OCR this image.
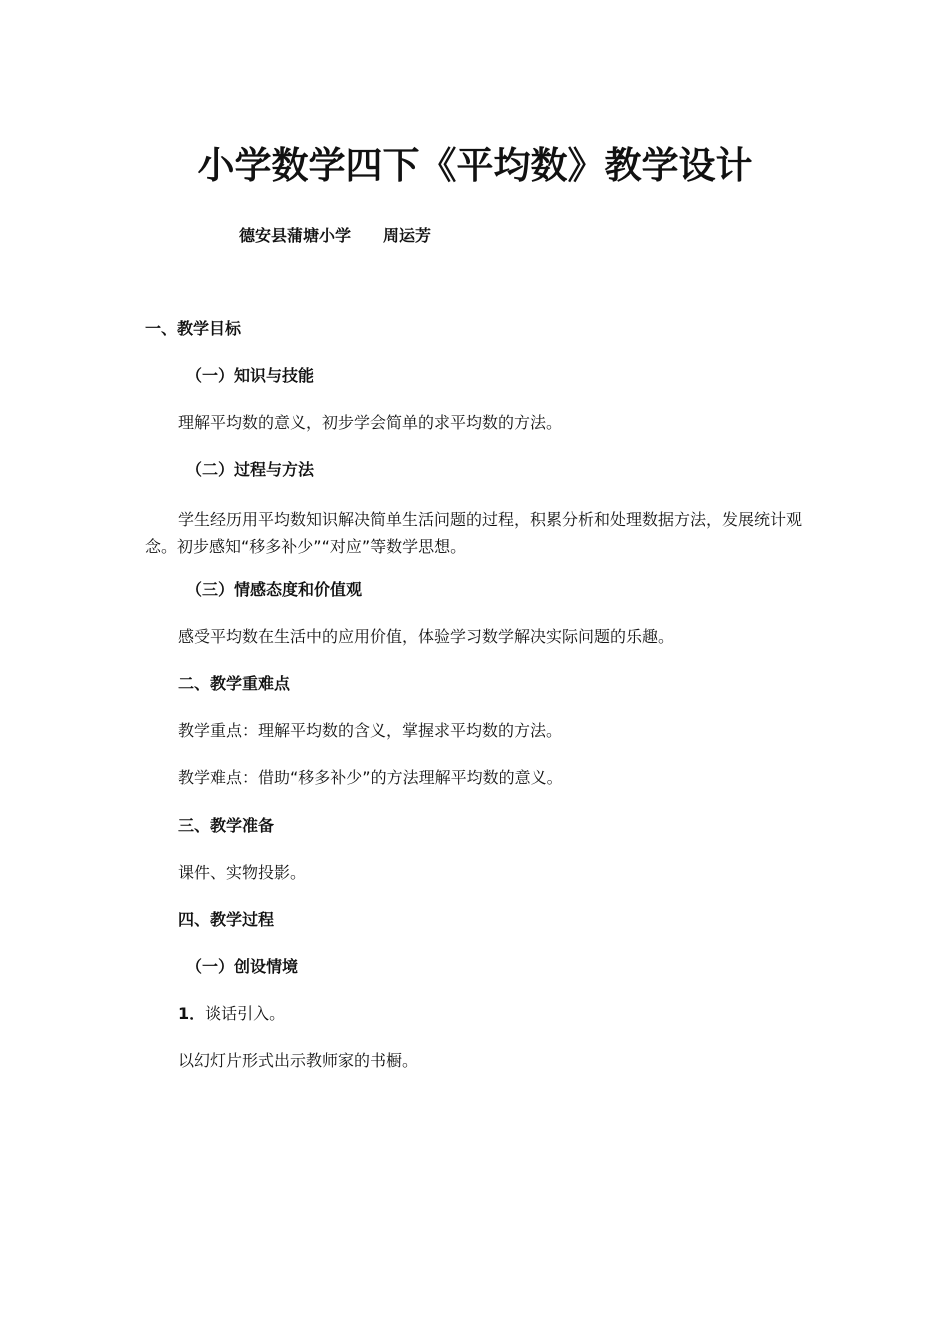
小学数学四下《平均数》教学设计
德安县蒲塘小学　　周运芳
一、教学目标
（一）知识与技能
理解平均数的意义，初步学会简单的求平均数的方法。
（二）过程与方法
学生经历用平均数知识解决简单生活问题的过程，积累分析和处理数据方法，发展统计观念。初步感知“移多补少”“对应”等数学思想。
（三）情感态度和价值观
感受平均数在生活中的应用价值，体验学习数学解决实际问题的乐趣。
二、教学重难点
教学重点：理解平均数的含义，掌握求平均数的方法。
教学难点：借助“移多补少”的方法理解平均数的意义。
三、教学准备
课件、实物投影。
四、教学过程
（一）创设情境
1．谈话引入。
以幻灯片形式出示教师家的书橱。
